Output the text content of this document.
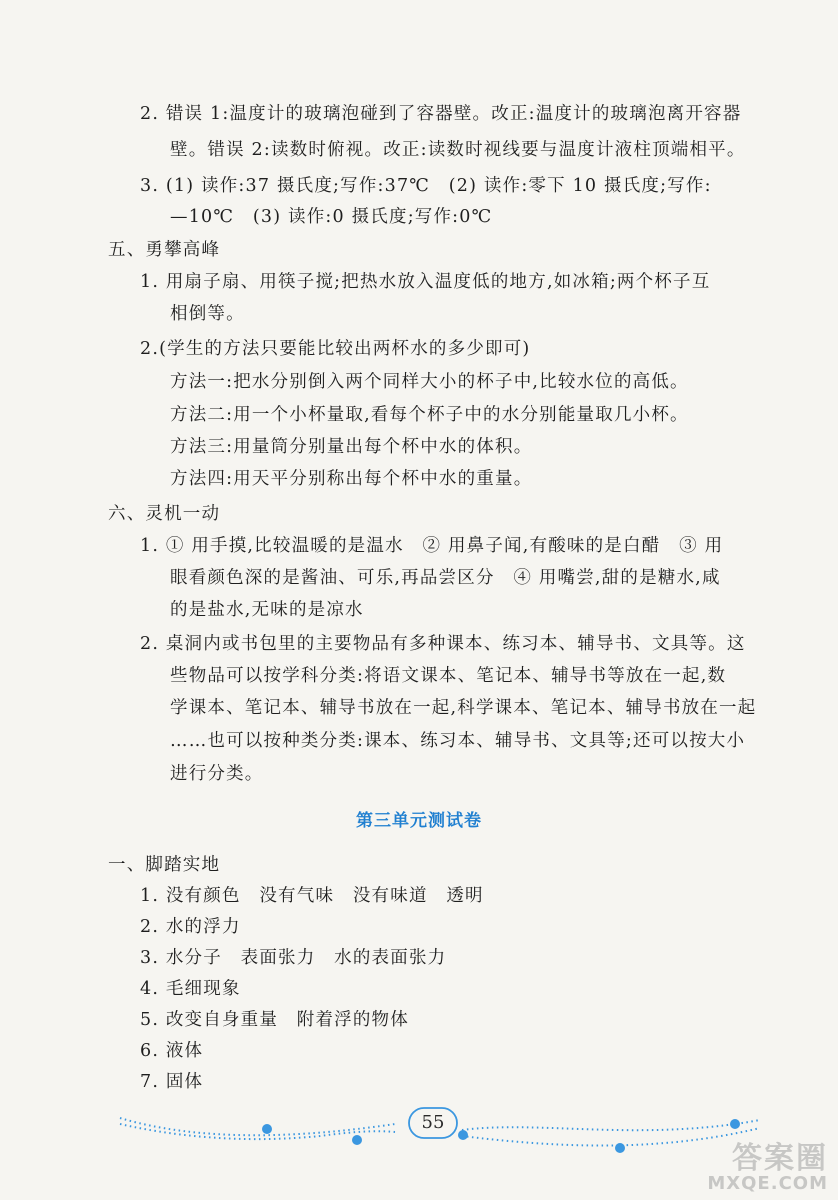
2. 错误 1:温度计的玻璃泡碰到了容器壁。改正:温度计的玻璃泡离开容器
壁。错误 2:读数时俯视。改正:读数时视线要与温度计液柱顶端相平。
3. (1) 读作:37 摄氏度;写作:37℃　(2) 读作:零下 10 摄氏度;写作:
—10℃　(3) 读作:0 摄氏度;写作:0℃
五、勇攀高峰
1. 用扇子扇、用筷子搅;把热水放入温度低的地方,如冰箱;两个杯子互
相倒等。
2.(学生的方法只要能比较出两杯水的多少即可)
方法一:把水分别倒入两个同样大小的杯子中,比较水位的高低。
方法二:用一个小杯量取,看每个杯子中的水分别能量取几小杯。
方法三:用量筒分别量出每个杯中水的体积。
方法四:用天平分别称出每个杯中水的重量。
六、灵机一动
1. ① 用手摸,比较温暖的是温水　② 用鼻子闻,有酸味的是白醋　③ 用
眼看颜色深的是酱油、可乐,再品尝区分　④ 用嘴尝,甜的是糖水,咸
的是盐水,无味的是凉水
2. 桌洞内或书包里的主要物品有多种课本、练习本、辅导书、文具等。这
些物品可以按学科分类:将语文课本、笔记本、辅导书等放在一起,数
学课本、笔记本、辅导书放在一起,科学课本、笔记本、辅导书放在一起
……也可以按种类分类:课本、练习本、辅导书、文具等;还可以按大小
进行分类。
一、脚踏实地
1. 没有颜色　没有气味　没有味道　透明
2. 水的浮力
3. 水分子　表面张力　水的表面张力
4. 毛细现象
5. 改变自身重量　附着浮的物体
6. 液体
7. 固体
第三单元测试卷
55
答案圈
MXQE.COM
